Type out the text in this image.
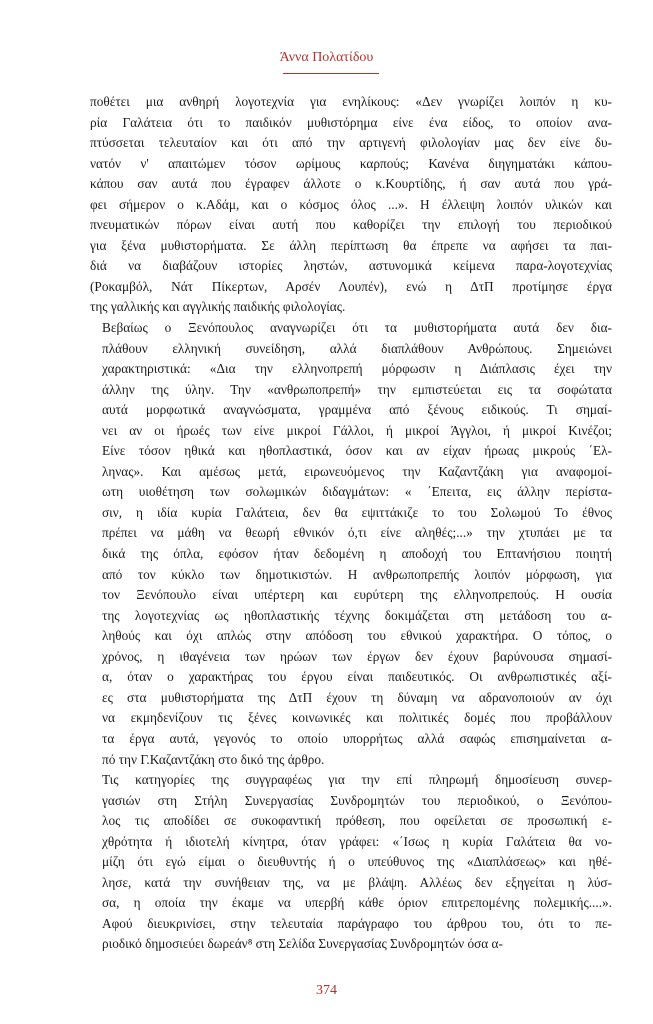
Άννα Πολατίδου

ποθέτει μια ανθηρή λογοτεχνία για ενηλίκους: «Δεν γνωρίζει λοιπόν η κυ-
ρία Γαλάτεια ότι το παιδικόν μυθιστόρημα είνε ένα είδος, το οποίον ανα-
πτύσσεται τελευταίον και ότι από την αρτιγενή φιλολογίαν μας δεν είνε δυ-
νατόν ν' απαιτώμεν τόσον ωρίμους καρπούς; Κανένα διηγηματάκι κάπου-
κάπου σαν αυτά που έγραφεν άλλοτε ο κ.Κουρτίδης, ή σαν αυτά που γρά-
φει σήμερον ο κ.Αδάμ, και ο κόσμος όλος ...». Η έλλειψη λοιπόν υλικών και
πνευματικών πόρων είναι αυτή που καθορίζει την επιλογή του περιοδικού
για ξένα μυθιστορήματα. Σε άλλη περίπτωση θα έπρεπε να αφήσει τα παι-
διά να διαβάζουν ιστορίες ληστών, αστυνομικά κείμενα παρα-λογοτεχνίας
(Ροκαμβόλ, Νάτ Πίκερτων, Αρσέν Λουπέν), ενώ η ΔτΠ προτίμησε έργα
της γαλλικής και αγγλικής παιδικής φιλολογίας.

Βεβαίως ο Ξενόπουλος αναγνωρίζει ότι τα μυθιστορήματα αυτά δεν δια-
πλάθουν ελληνική συνείδηση, αλλά διαπλάθουν Ανθρώπους. Σημειώνει
χαρακτηριστικά: «Δια την ελληνοπρεπή μόρφωσιν η Διάπλασις έχει την
άλλην της ύλην. Την «ανθρωποπρεπή» την εμπιστεύεται εις τα σοφώτατα
αυτά μορφωτικά αναγνώσματα, γραμμένα από ξένους ειδικούς. Τι σημαί-
νει αν οι ήρωές των είνε μικροί Γάλλοι, ή μικροί Άγγλοι, ή μικροί Κινέζοι;
Είνε τόσον ηθικά και ηθοπλαστικά, όσον και αν είχαν ήρωας μικρούς ΄Ελ-
ληνας». Και αμέσως μετά, ειρωνευόμενος την Καζαντζάκη για αναφομοί-
ωτη υιοθέτηση των σολωμικών διδαγμάτων: « ΄Επειτα, εις άλλην περίστα-
σιν, η ιδία κυρία Γαλάτεια, δεν θα εψιττάκιζε το του Σολωμού Το έθνος
πρέπει να μάθη να θεωρή εθνικόν ό,τι είνε αληθές;...» την χτυπάει με τα
δικά της όπλα, εφόσον ήταν δεδομένη η αποδοχή του Επτανήσιου ποιητή
από τον κύκλο των δημοτικιστών. Η ανθρωποπρεπής λοιπόν μόρφωση, για
τον Ξενόπουλο είναι υπέρτερη και ευρύτερη της ελληνοπρεπούς. Η ουσία
της λογοτεχνίας ως ηθοπλαστικής τέχνης δοκιμάζεται στη μετάδοση του α-
ληθούς και όχι απλώς στην απόδοση του εθνικού χαρακτήρα. Ο τόπος, ο
χρόνος, η ιθαγένεια των ηρώων των έργων δεν έχουν βαρύνουσα σημασί-
α, όταν ο χαρακτήρας του έργου είναι παιδευτικός. Οι ανθρωπιστικές αξί-
ες στα μυθιστορήματα της ΔτΠ έχουν τη δύναμη να αδρανοποιούν αν όχι
να εκμηδενίζουν τις ξένες κοινωνικές και πολιτικές δομές που προβάλλουν
τα έργα αυτά, γεγονός το οποίο υπορρήτως αλλά σαφώς επισημαίνεται α-
πό την Γ.Καζαντζάκη στο δικό της άρθρο.

Τις κατηγορίες της συγγραφέως για την επί πληρωμή δημοσίευση συνερ-
γασιών στη Στήλη Συνεργασίας Συνδρομητών του περιοδικού, ο Ξενόπου-
λος τις αποδίδει σε συκοφαντική πρόθεση, που οφείλεται σε προσωπική ε-
χθρότητα ή ιδιοτελή κίνητρα, όταν γράφει: «΄Ισως η κυρία Γαλάτεια θα νο-
μίζη ότι εγώ είμαι ο διευθυντής ή ο υπεύθυνος της «Διαπλάσεως» και ηθέ-
λησε, κατά την συνήθειαν της, να με βλάψη. Αλλέως δεν εξηγείται η λύσ-
σα, η οποία την έκαμε να υπερβή κάθε όριον επιτρεπομένης πολεμικής....».
Αφού διευκρινίσει, στην τελευταία παράγραφο του άρθρου του, ότι το πε-
ριοδικό δημοσιεύει δωρεάν⁸ στη Σελίδα Συνεργασίας Συνδρομητών όσα α-

374
